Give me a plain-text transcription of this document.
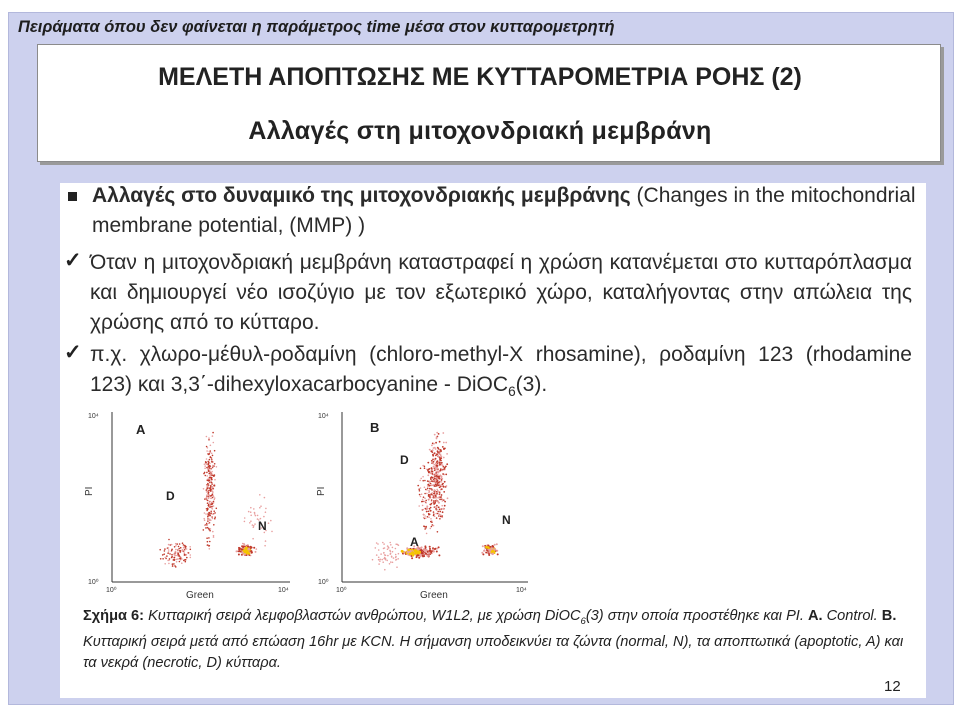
Πειράματα όπου δεν φαίνεται η παράμετρος time μέσα στον κυτταρομετρητή
ΜΕΛΕΤΗ ΑΠΟΠΤΩΣΗΣ ΜΕ ΚΥΤΤΑΡΟΜΕΤΡΙΑ ΡΟΗΣ (2)
Αλλαγές στη μιτοχονδριακή μεμβράνη
Αλλαγές στο δυναμικό της μιτοχονδριακής μεμβράνης (Changes in the mitochondrial membrane potential, (MMP) )
✓ Όταν η μιτοχονδριακή μεμβράνη καταστραφεί η χρώση κατανέμεται στο κυτταρόπλασμα και δημιουργεί νέο ισοζύγιο με τον εξωτερικό χώρο, καταλήγοντας στην απώλεια της χρώσης από το κύτταρο.
✓ π.χ. χλωρο-μέθυλ-ροδαμίνη (chloro-methyl-X rhosamine), ροδαμίνη 123 (rhodamine 123) και 3,3΄-dihexyloxacarbocyanine - DiOC$_6$(3).
10⁴
10⁰
10⁰	10⁴
PI
Green
A
D
N
10⁴
10⁰
10⁰	10⁴
PI
Green
B
D
A
N
Σχήμα 6: Κυτταρική σειρά λεμφοβλαστών ανθρώπου, W1L2, με χρώση DiOC$_6$(3) στην οποία προστέθηκε και PI. A. Control. B. Κυτταρική σειρά μετά από επώαση 16hr με KCN. Η σήμανση υποδεικνύει τα ζώντα (normal, N), τα αποπτωτικά (apoptotic, A) και τα νεκρά (necrotic, D) κύτταρα.
12
